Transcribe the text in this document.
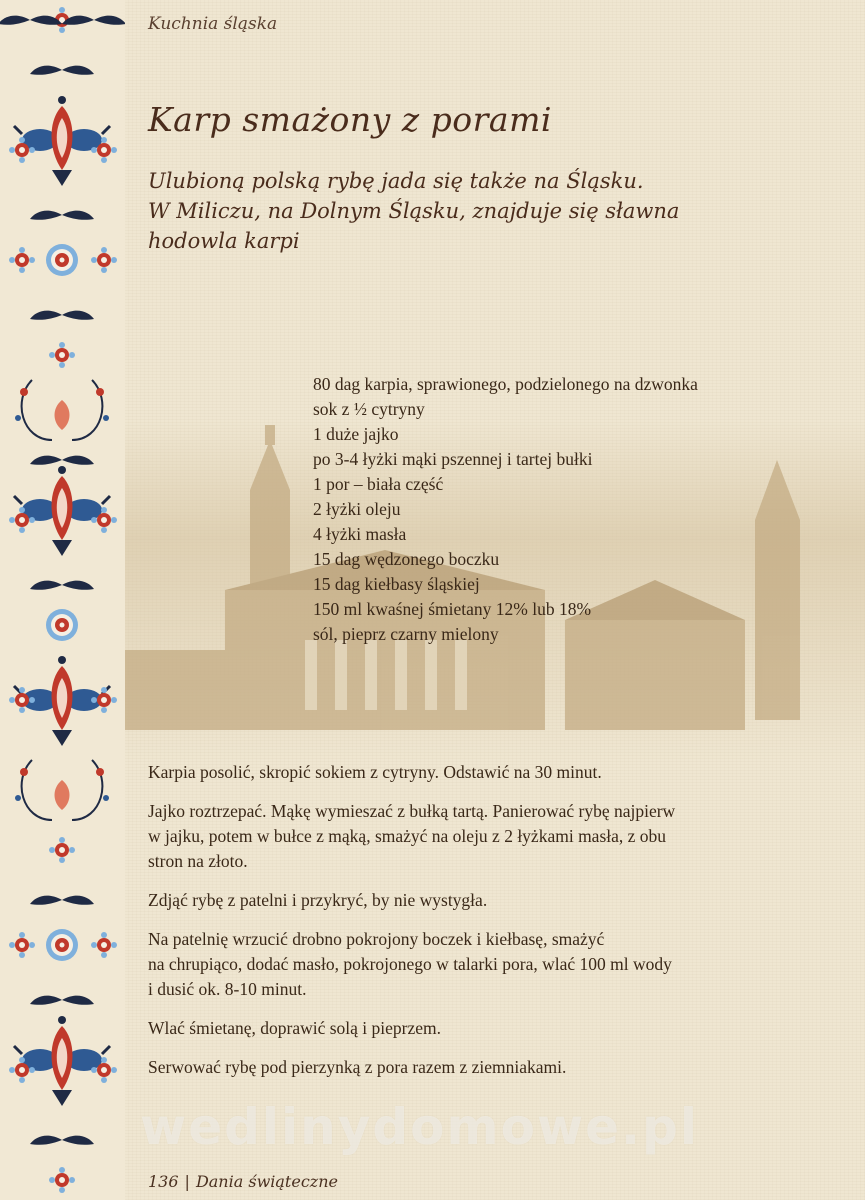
Kuchnia śląska
Karp smażony z porami
Ulubioną polską rybę jada się także na Śląsku.
W Miliczu, na Dolnym Śląsku, znajduje się sławna
hodowla karpi
80 dag karpia, sprawionego, podzielonego na dzwonka
sok z ½ cytryny
1 duże jajko
po 3-4 łyżki mąki pszennej i tartej bułki
1 por – biała część
2 łyżki oleju
4 łyżki masła
15 dag wędzonego boczku
15 dag kiełbasy śląskiej
150 ml kwaśnej śmietany 12% lub 18%
sól, pieprz czarny mielony

Karpia posolić, skropić sokiem z cytryny. Odstawić na 30 minut.

Jajko roztrzepać. Mąkę wymieszać z bułką tartą. Panierować rybę najpierw
w jajku, potem w bułce z mąką, smażyć na oleju z 2 łyżkami masła, z obu
stron na złoto.

Zdjąć rybę z patelni i przykryć, by nie wystygła.

Na patelnię wrzucić drobno pokrojony boczek i kiełbasę, smażyć
na chrupiąco, dodać masło, pokrojonego w talarki pora, wlać 100 ml wody
i dusić ok. 8-10 minut.

Wlać śmietanę, doprawić solą i pieprzem.

Serwować rybę pod pierzynką z pora razem z ziemniakami.

wedlinydomowe.pl
136 | Dania świąteczne
